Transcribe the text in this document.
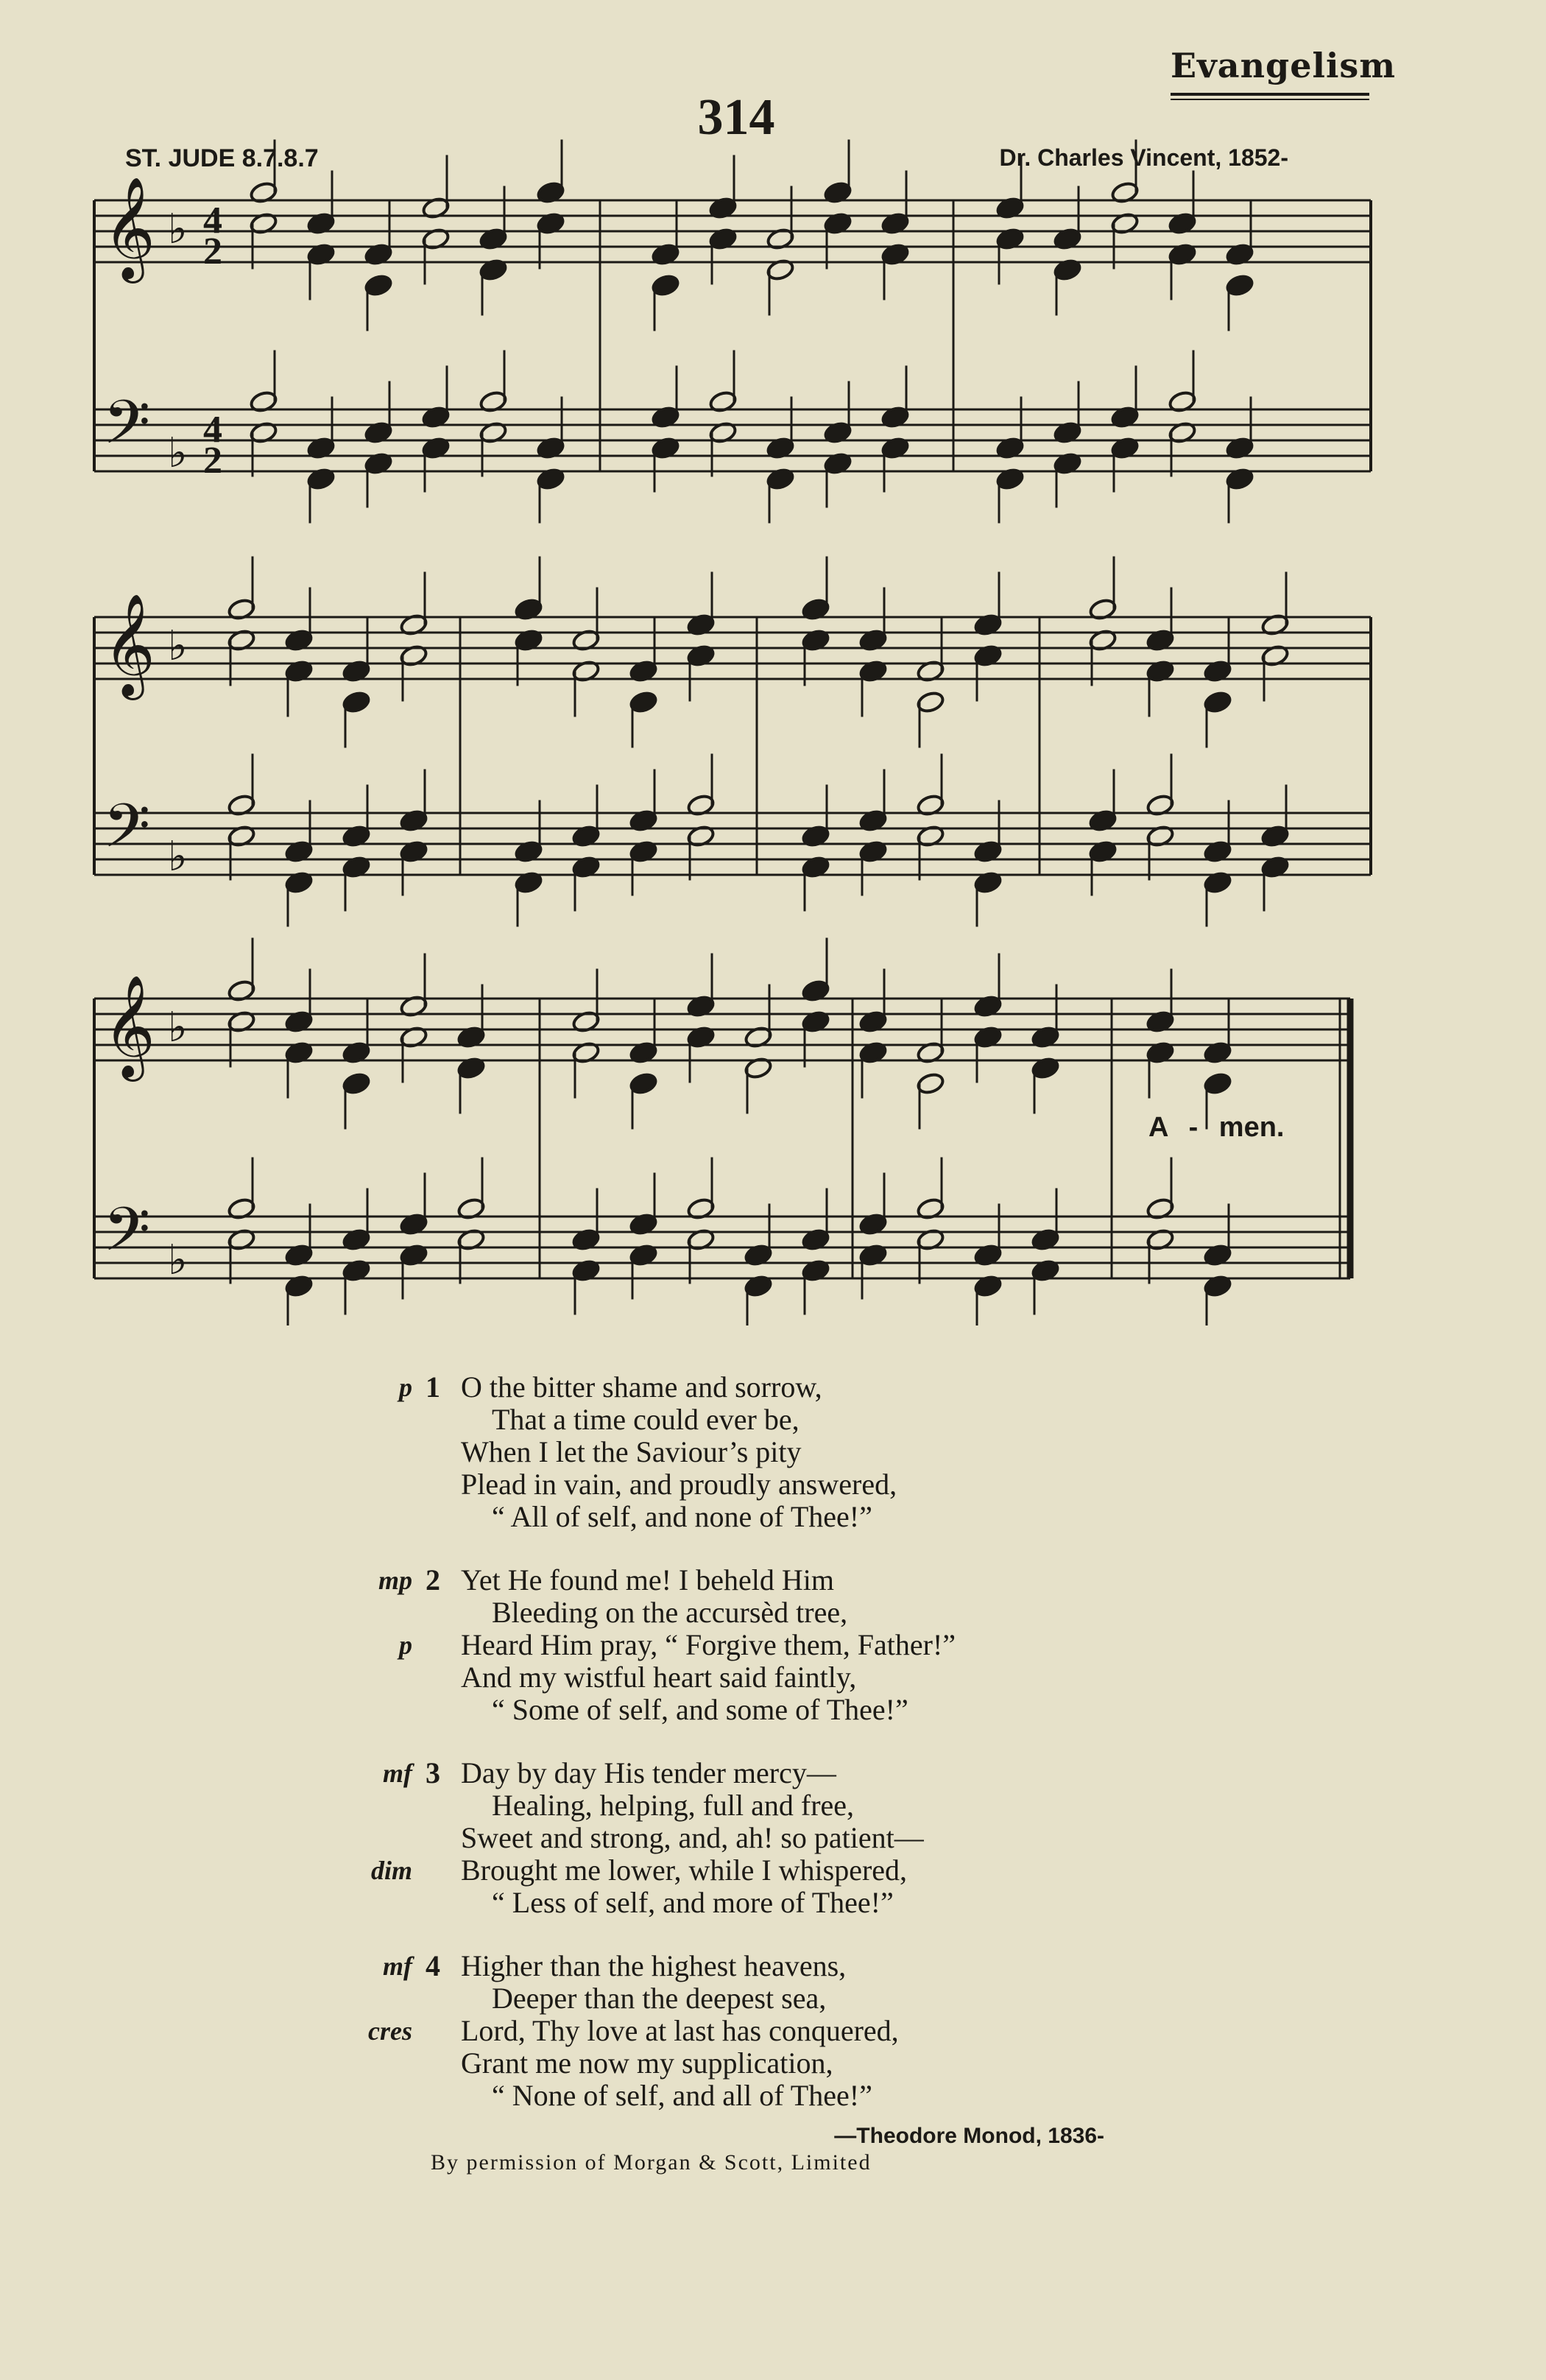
Evangelism
314
ST. JUDE 8.7.8.7	Dr. Charles Vincent, 1852-
𝄞
𝄢
♭
♭
4
2
4
2
𝄞
𝄢
♭
♭
𝄞
𝄢
♭
♭
A - men.
p 1 O the bitter shame and sorrow,
That a time could ever be,
When I let the Saviour’s pity
Plead in vain, and proudly answered,
“ All of self, and none of Thee!”
mp 2 Yet He found me! I beheld Him
Bleeding on the accursèd tree,
p Heard Him pray, “ Forgive them, Father!”
And my wistful heart said faintly,
“ Some of self, and some of Thee!”
mf 3 Day by day His tender mercy—
Healing, helping, full and free,
Sweet and strong, and, ah! so patient—
dim Brought me lower, while I whispered,
“ Less of self, and more of Thee!”
mf 4 Higher than the highest heavens,
Deeper than the deepest sea,
cres Lord, Thy love at last has conquered,
Grant me now my supplication,
“ None of self, and all of Thee!”
—Theodore Monod, 1836-
By permission of Morgan & Scott, Limited
